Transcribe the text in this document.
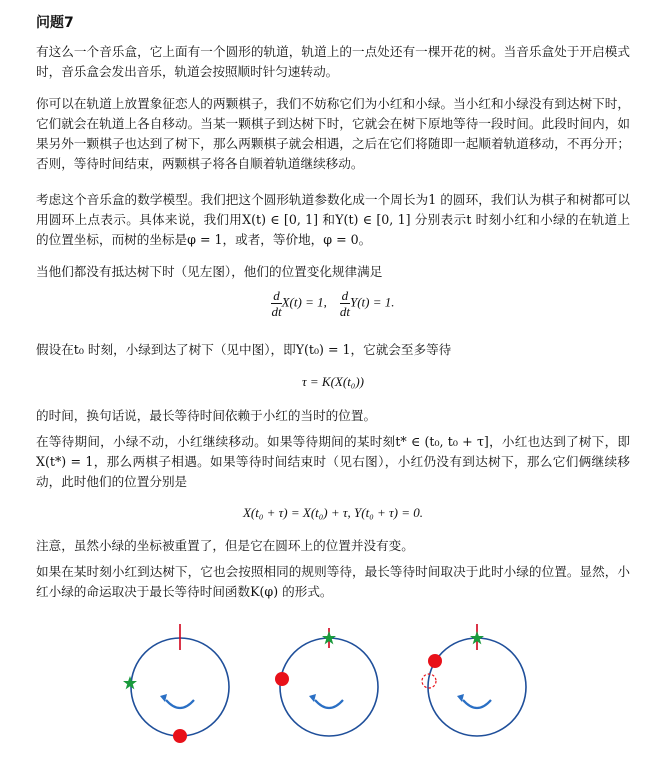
问题7

有这么一个音乐盒，它上面有一个圆形的轨道，轨道上的一点处还有一棵开花的树。当音乐盒处于开启模式时，音乐盒会发出音乐，轨道会按照顺时针匀速转动。

你可以在轨道上放置象征恋人的两颗棋子，我们不妨称它们为小红和小绿。当小红和小绿没有到达树下时，它们就会在轨道上各自移动。当某一颗棋子到达树下时，它就会在树下原地等待一段时间。此段时间内，如果另外一颗棋子也达到了树下，那么两颗棋子就会相遇，之后在它们将随即一起顺着轨道移动，不再分开；否则，等待时间结束，两颗棋子将各自顺着轨道继续移动。

考虑这个音乐盒的数学模型。我们把这个圆形轨道参数化成一个周长为1 的圆环，我们认为棋子和树都可以用圆环上点表示。具体来说，我们用X(t) ∈ [0, 1] 和Y(t) ∈ [0, 1] 分别表示t 时刻小红和小绿的在轨道上的位置坐标，而树的坐标是φ = 1，或者，等价地，φ = 0。

当他们都没有抵达树下时（见左图），他们的位置变化规律满足

$\frac{d}{dt} X(t) = 1$, $\frac{d}{dt} Y(t) = 1$.

假设在t₀ 时刻，小绿到达了树下（见中图），即Y(t₀) = 1，它就会至多等待

τ = K(X(t₀))

的时间，换句话说，最长等待时间依赖于小红的当时的位置。

在等待期间，小绿不动，小红继续移动。如果等待期间的某时刻t* ∈ (t₀, t₀ + τ]，小红也达到了树下，即X(t*) = 1，那么两棋子相遇。如果等待时间结束时（见右图），小红仍没有到达树下，那么它们俩继续移动，此时他们的位置分别是

X(t₀ + τ) = X(t₀) + τ, Y(t₀ + τ) = 0.

注意，虽然小绿的坐标被重置了，但是它在圆环上的位置并没有变。

如果在某时刻小红到达树下，它也会按照相同的规则等待，最长等待时间取决于此时小绿的位置。显然，小红小绿的命运取决于最长等待时间函数K(φ) 的形式。
